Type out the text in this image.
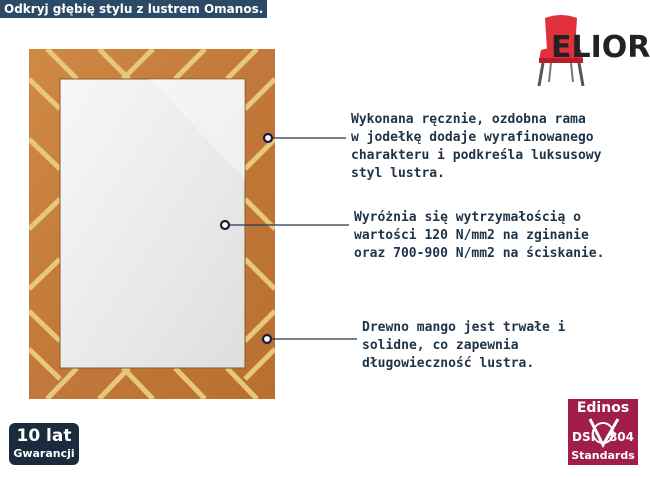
Odkryj głębię stylu z lustrem Omanos.
ELIOR
Wykonana ręcznie, ozdobna rama
w jodełkę dodaje wyrafinowanego
charakteru i podkreśla luksusowy
styl lustra.
Wyróżnia się wytrzymałością o
wartości 120 N/mm2 na zginanie
oraz 700-900 N/mm2 na ściskanie.
Drewno mango jest trwałe i
solidne, co zapewnia
długowieczność lustra.
10 lat
Gwarancji
Edinos
DSI 804
Standards
